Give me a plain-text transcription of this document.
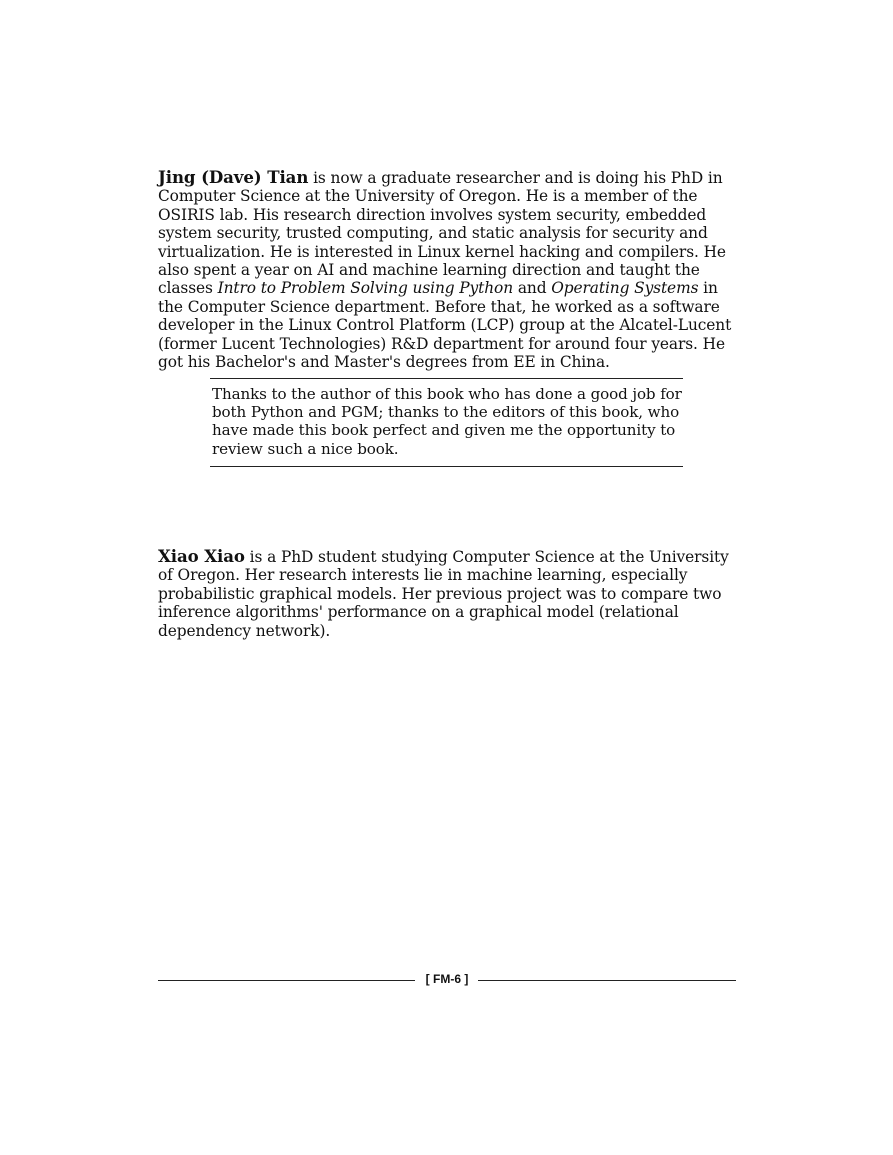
Jing (Dave) Tian is now a graduate researcher and is doing his PhD in Computer Science at the University of Oregon. He is a member of the OSIRIS lab. His research direction involves system security, embedded system security, trusted computing, and static analysis for security and virtualization. He is interested in Linux kernel hacking and compilers. He also spent a year on AI and machine learning direction and taught the classes Intro to Problem Solving using Python and Operating Systems in the Computer Science department. Before that, he worked as a software developer in the Linux Control Platform (LCP) group at the Alcatel-Lucent (former Lucent Technologies) R&D department for around four years. He got his Bachelor's and Master's degrees from EE in China.

Thanks to the author of this book who has done a good job for both Python and PGM; thanks to the editors of this book, who have made this book perfect and given me the opportunity to review such a nice book.

Xiao Xiao is a PhD student studying Computer Science at the University of Oregon. Her research interests lie in machine learning, especially probabilistic graphical models. Her previous project was to compare two inference algorithms' performance on a graphical model (relational dependency network).

[ FM-6 ]
